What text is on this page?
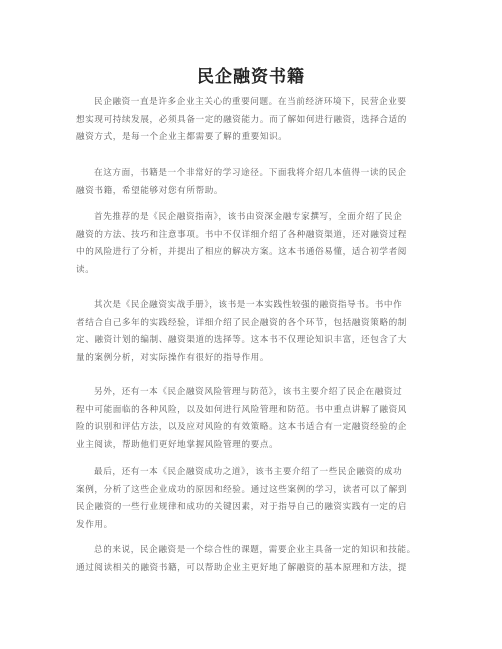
民企融资书籍
民企融资一直是许多企业主关心的重要问题。在当前经济环境下，民营企业要
想实现可持续发展，必须具备一定的融资能力。而了解如何进行融资，选择合适的
融资方式，是每一个企业主都需要了解的重要知识。
在这方面，书籍是一个非常好的学习途径。下面我将介绍几本值得一读的民企
融资书籍，希望能够对您有所帮助。
首先推荐的是《民企融资指南》，该书由资深金融专家撰写，全面介绍了民企
融资的方法、技巧和注意事项。书中不仅详细介绍了各种融资渠道，还对融资过程
中的风险进行了分析，并提出了相应的解决方案。这本书通俗易懂，适合初学者阅
读。
其次是《民企融资实战手册》，该书是一本实践性较强的融资指导书。书中作
者结合自己多年的实践经验，详细介绍了民企融资的各个环节，包括融资策略的制
定、融资计划的编制、融资渠道的选择等。这本书不仅理论知识丰富，还包含了大
量的案例分析，对实际操作有很好的指导作用。
另外，还有一本《民企融资风险管理与防范》，该书主要介绍了民企在融资过
程中可能面临的各种风险，以及如何进行风险管理和防范。书中重点讲解了融资风
险的识别和评估方法，以及应对风险的有效策略。这本书适合有一定融资经验的企
业主阅读，帮助他们更好地掌握风险管理的要点。
最后，还有一本《民企融资成功之道》，该书主要介绍了一些民企融资的成功
案例，分析了这些企业成功的原因和经验。通过这些案例的学习，读者可以了解到
民企融资的一些行业规律和成功的关键因素，对于指导自己的融资实践有一定的启
发作用。
总的来说，民企融资是一个综合性的课题，需要企业主具备一定的知识和技能。
通过阅读相关的融资书籍，可以帮助企业主更好地了解融资的基本原理和方法，提
